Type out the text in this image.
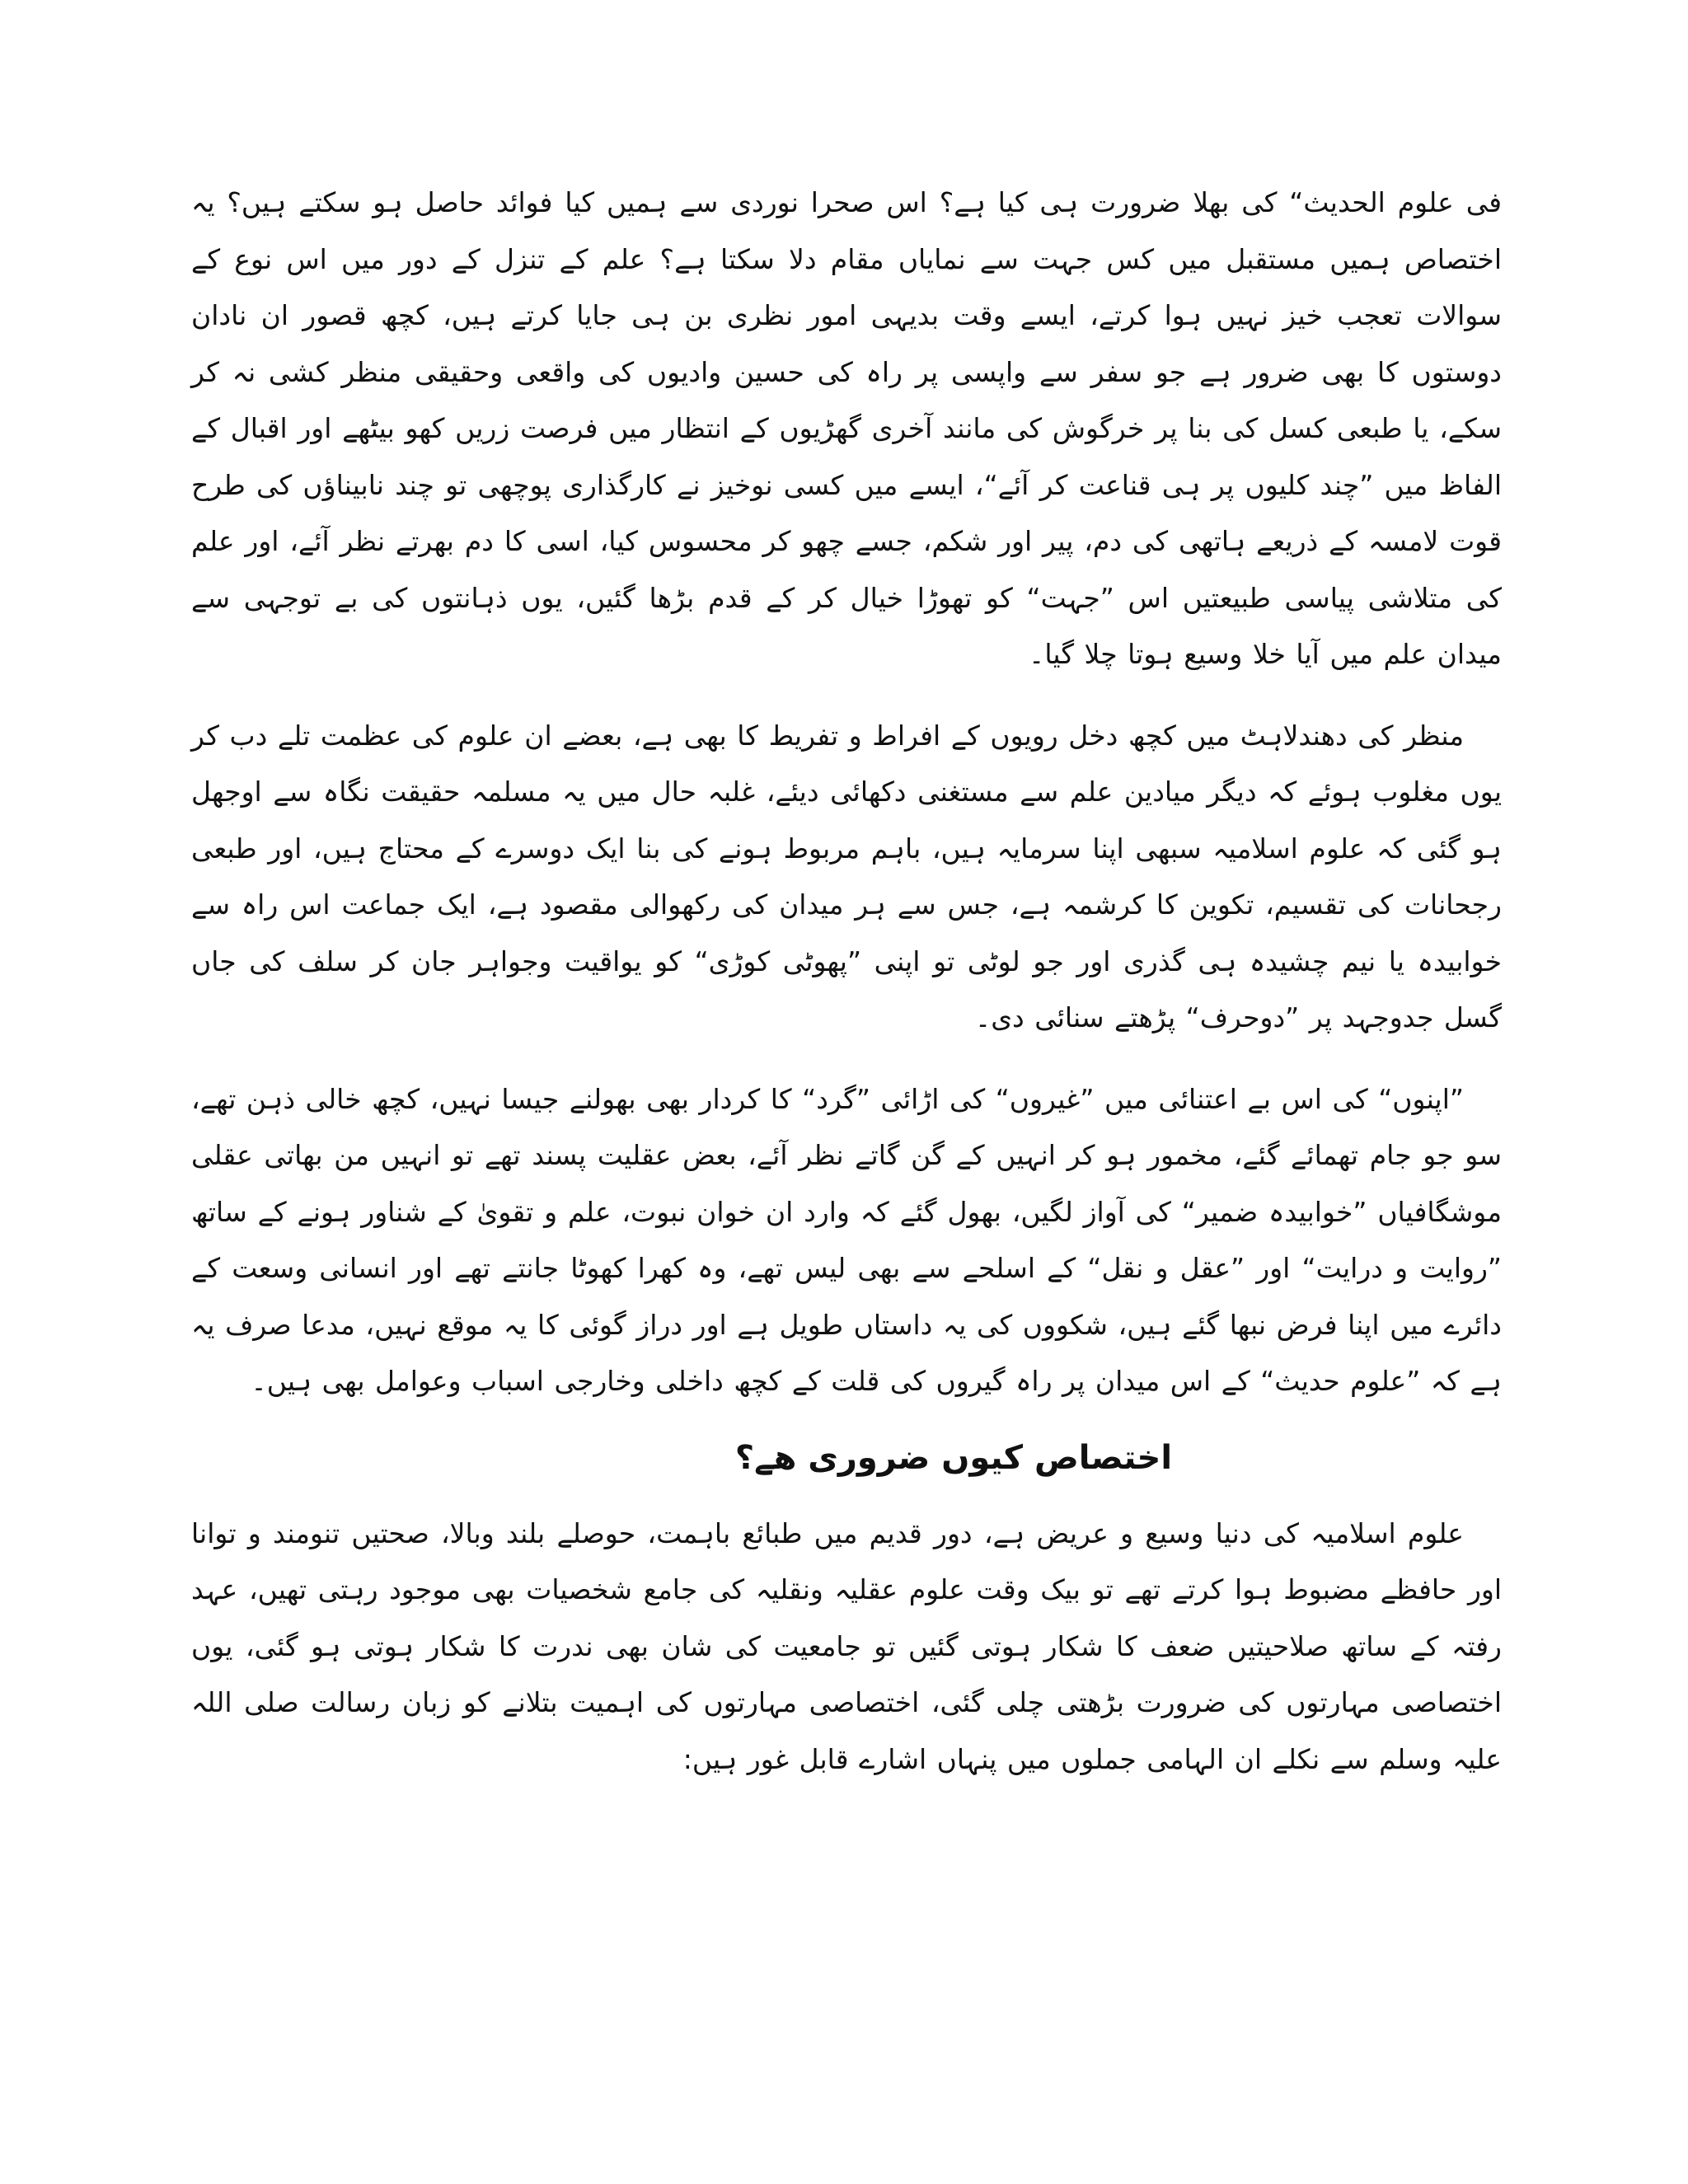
فی علوم الحدیث“ کی بھلا ضرورت ہی کیا ہے؟ اس صحرا نوردی سے ہمیں کیا فوائد حاصل ہو سکتے ہیں؟ یہ اختصاص ہمیں مستقبل میں کس جہت سے نمایاں مقام دلا سکتا ہے؟ علم کے تنزل کے دور میں اس نوع کے سوالات تعجب خیز نہیں ہوا کرتے، ایسے وقت بدیہی امور نظری بن ہی جایا کرتے ہیں، کچھ قصور ان نادان دوستوں کا بھی ضرور ہے جو سفر سے واپسی پر راہ کی حسین وادیوں کی واقعی وحقیقی منظر کشی نہ کر سکے، یا طبعی کسل کی بنا پر خرگوش کی مانند آخری گھڑیوں کے انتظار میں فرصت زریں کھو بیٹھے اور اقبال کے الفاظ میں ”چند کلیوں پر ہی قناعت کر آئے“، ایسے میں کسی نوخیز نے کارگذاری پوچھی تو چند نابیناؤں کی طرح قوت لامسہ کے ذریعے ہاتھی کی دم، پیر اور شکم، جسے چھو کر محسوس کیا، اسی کا دم بھرتے نظر آئے، اور علم کی متلاشی پیاسی طبیعتیں اس ”جہت“ کو تھوڑا خیال کر کے قدم بڑھا گئیں، یوں ذہانتوں کی بے توجہی سے میدان علم میں آیا خلا وسیع ہوتا چلا گیا۔

منظر کی دھندلاہٹ میں کچھ دخل رویوں کے افراط و تفریط کا بھی ہے، بعضے ان علوم کی عظمت تلے دب کر یوں مغلوب ہوئے کہ دیگر میادین علم سے مستغنی دکھائی دیئے، غلبہ حال میں یہ مسلمہ حقیقت نگاہ سے اوجھل ہو گئی کہ علوم اسلامیہ سبھی اپنا سرمایہ ہیں، باہم مربوط ہونے کی بنا ایک دوسرے کے محتاج ہیں، اور طبعی رجحانات کی تقسیم، تکوین کا کرشمہ ہے، جس سے ہر میدان کی رکھوالی مقصود ہے، ایک جماعت اس راہ سے خوابیدہ یا نیم چشیدہ ہی گذری اور جو لوٹی تو اپنی ”پھوٹی کوڑی“ کو یواقیت وجواہر جان کر سلف کی جاں گسل جدوجہد پر ”دوحرف“ پڑھتے سنائی دی۔

”اپنوں“ کی اس بے اعتنائی میں ”غیروں“ کی اڑائی ”گرد“ کا کردار بھی بھولنے جیسا نہیں، کچھ خالی ذہن تھے، سو جو جام تھمائے گئے، مخمور ہو کر انہیں کے گن گاتے نظر آئے، بعض عقلیت پسند تھے تو انہیں من بھاتی عقلی موشگافیاں ”خوابیدہ ضمیر“ کی آواز لگیں، بھول گئے کہ وارد ان خوان نبوت، علم و تقویٰ کے شناور ہونے کے ساتھ ”روایت و درایت“ اور ”عقل و نقل“ کے اسلحے سے بھی لیس تھے، وہ کھرا کھوٹا جانتے تھے اور انسانی وسعت کے دائرے میں اپنا فرض نبھا گئے ہیں، شکووں کی یہ داستاں طویل ہے اور دراز گوئی کا یہ موقع نہیں، مدعا صرف یہ ہے کہ ”علوم حدیث“ کے اس میدان پر راہ گیروں کی قلت کے کچھ داخلی وخارجی اسباب وعوامل بھی ہیں۔

اختصاص کیوں ضروری ھے؟

علوم اسلامیہ کی دنیا وسیع و عریض ہے، دور قدیم میں طبائع باہمت، حوصلے بلند وبالا، صحتیں تنومند و توانا اور حافظے مضبوط ہوا کرتے تھے تو بیک وقت علوم عقلیہ ونقلیہ کی جامع شخصیات بھی موجود رہتی تھیں، عہد رفتہ کے ساتھ صلاحیتیں ضعف کا شکار ہوتی گئیں تو جامعیت کی شان بھی ندرت کا شکار ہوتی ہو گئی، یوں اختصاصی مہارتوں کی ضرورت بڑھتی چلی گئی، اختصاصی مہارتوں کی اہمیت بتلانے کو زبان رسالت صلی اللہ علیہ وسلم سے نکلے ان الہامی جملوں میں پنہاں اشارے قابل غور ہیں:
